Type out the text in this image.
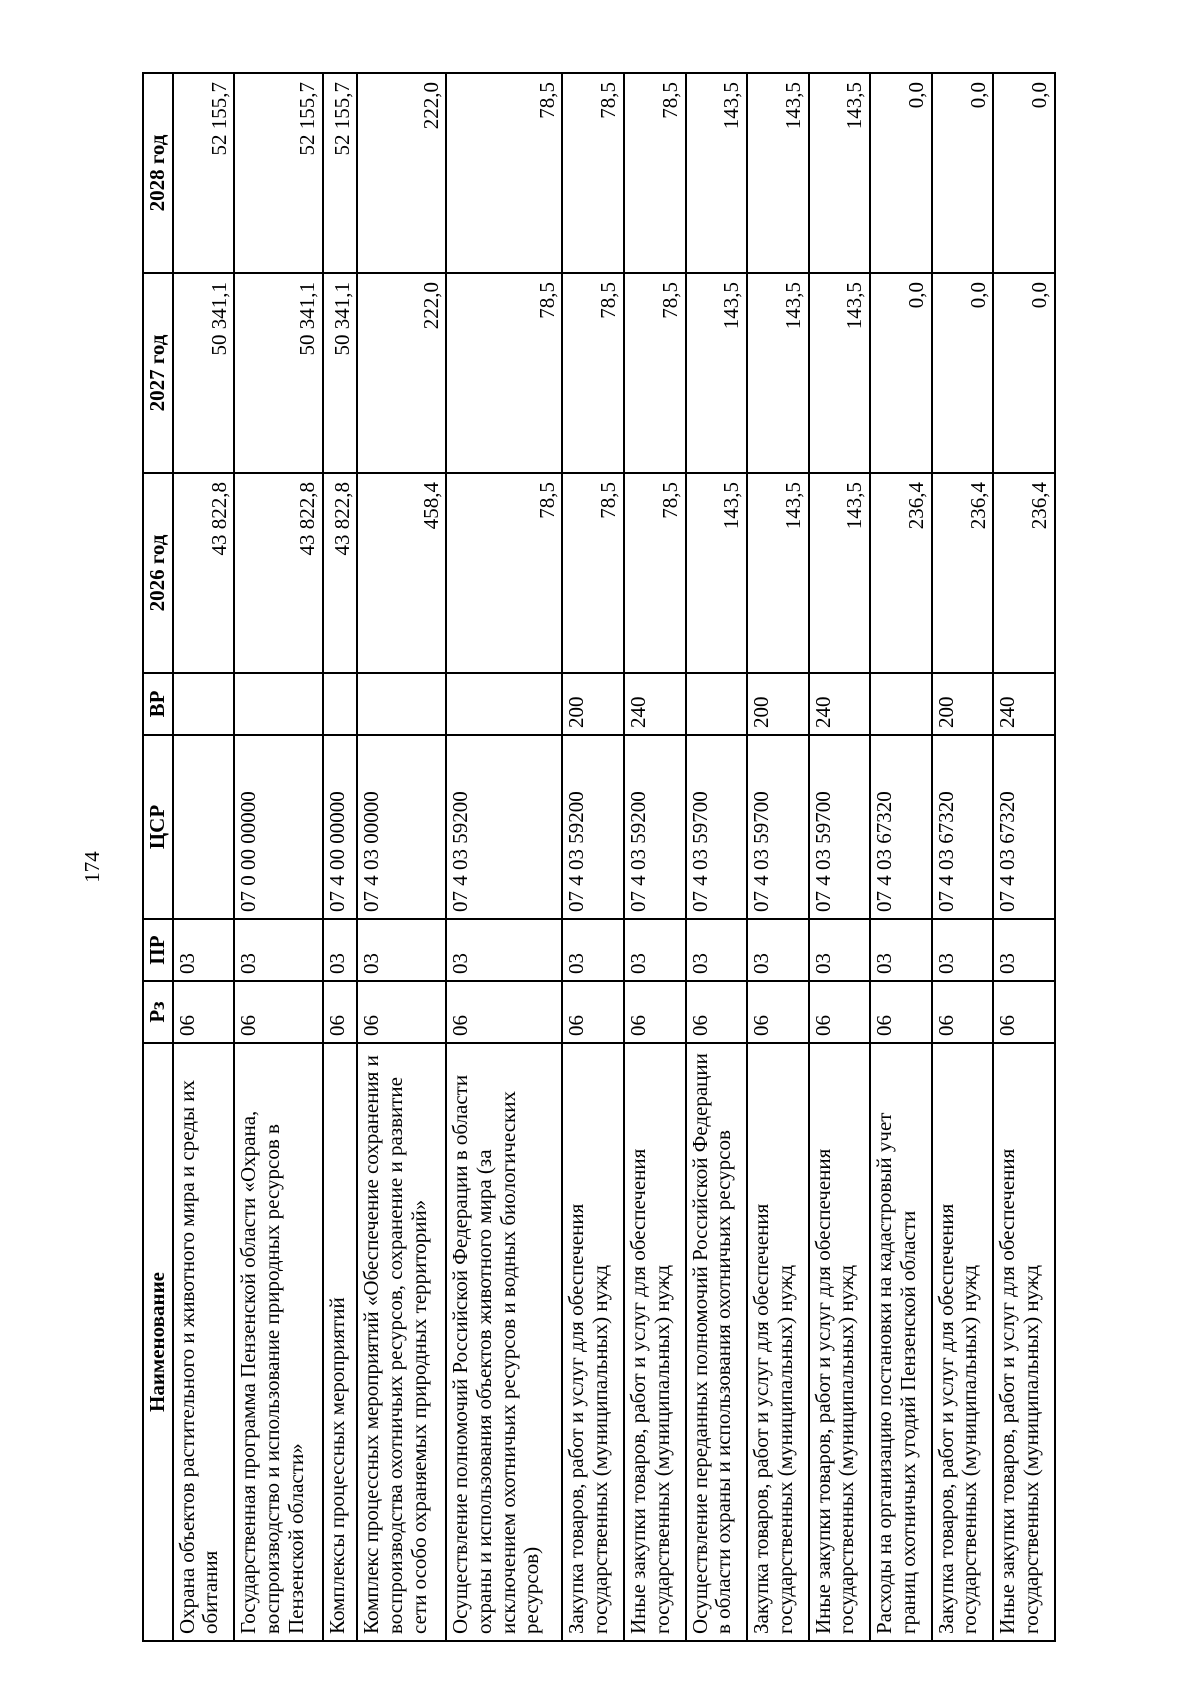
174
Наименование	Рз	ПР	ЦСР	ВР	2026 год	2027 год	2028 год
Охрана объектов растительного и животного мира и среды их обитания	06	03			43 822,8	50 341,1	52 155,7
Государственная программа Пензенской области «Охрана, воспроизводство и использование природных ресурсов в Пензенской области»	06	03	07 0 00 00000		43 822,8	50 341,1	52 155,7
Комплексы процессных мероприятий	06	03	07 4 00 00000		43 822,8	50 341,1	52 155,7
Комплекс процессных мероприятий «Обеспечение сохранения и воспроизводства охотничьих ресурсов, сохранение и развитие сети особо охраняемых природных территорий»	06	03	07 4 03 00000		458,4	222,0	222,0
Осуществление полномочий Российской Федерации в области охраны и использования объектов животного мира (за исключением охотничьих ресурсов и водных биологических ресурсов)	06	03	07 4 03 59200		78,5	78,5	78,5
Закупка товаров, работ и услуг для обеспечения государственных (муниципальных) нужд	06	03	07 4 03 59200	200	78,5	78,5	78,5
Иные закупки товаров, работ и услуг для обеспечения государственных (муниципальных) нужд	06	03	07 4 03 59200	240	78,5	78,5	78,5
Осуществление переданных полномочий Российской Федерации в области охраны и использования охотничьих ресурсов	06	03	07 4 03 59700		143,5	143,5	143,5
Закупка товаров, работ и услуг для обеспечения государственных (муниципальных) нужд	06	03	07 4 03 59700	200	143,5	143,5	143,5
Иные закупки товаров, работ и услуг для обеспечения государственных (муниципальных) нужд	06	03	07 4 03 59700	240	143,5	143,5	143,5
Расходы на организацию постановки на кадастровый учет границ охотничьих угодий Пензенской области	06	03	07 4 03 67320		236,4	0,0	0,0
Закупка товаров, работ и услуг для обеспечения государственных (муниципальных) нужд	06	03	07 4 03 67320	200	236,4	0,0	0,0
Иные закупки товаров, работ и услуг для обеспечения государственных (муниципальных) нужд	06	03	07 4 03 67320	240	236,4	0,0	0,0
